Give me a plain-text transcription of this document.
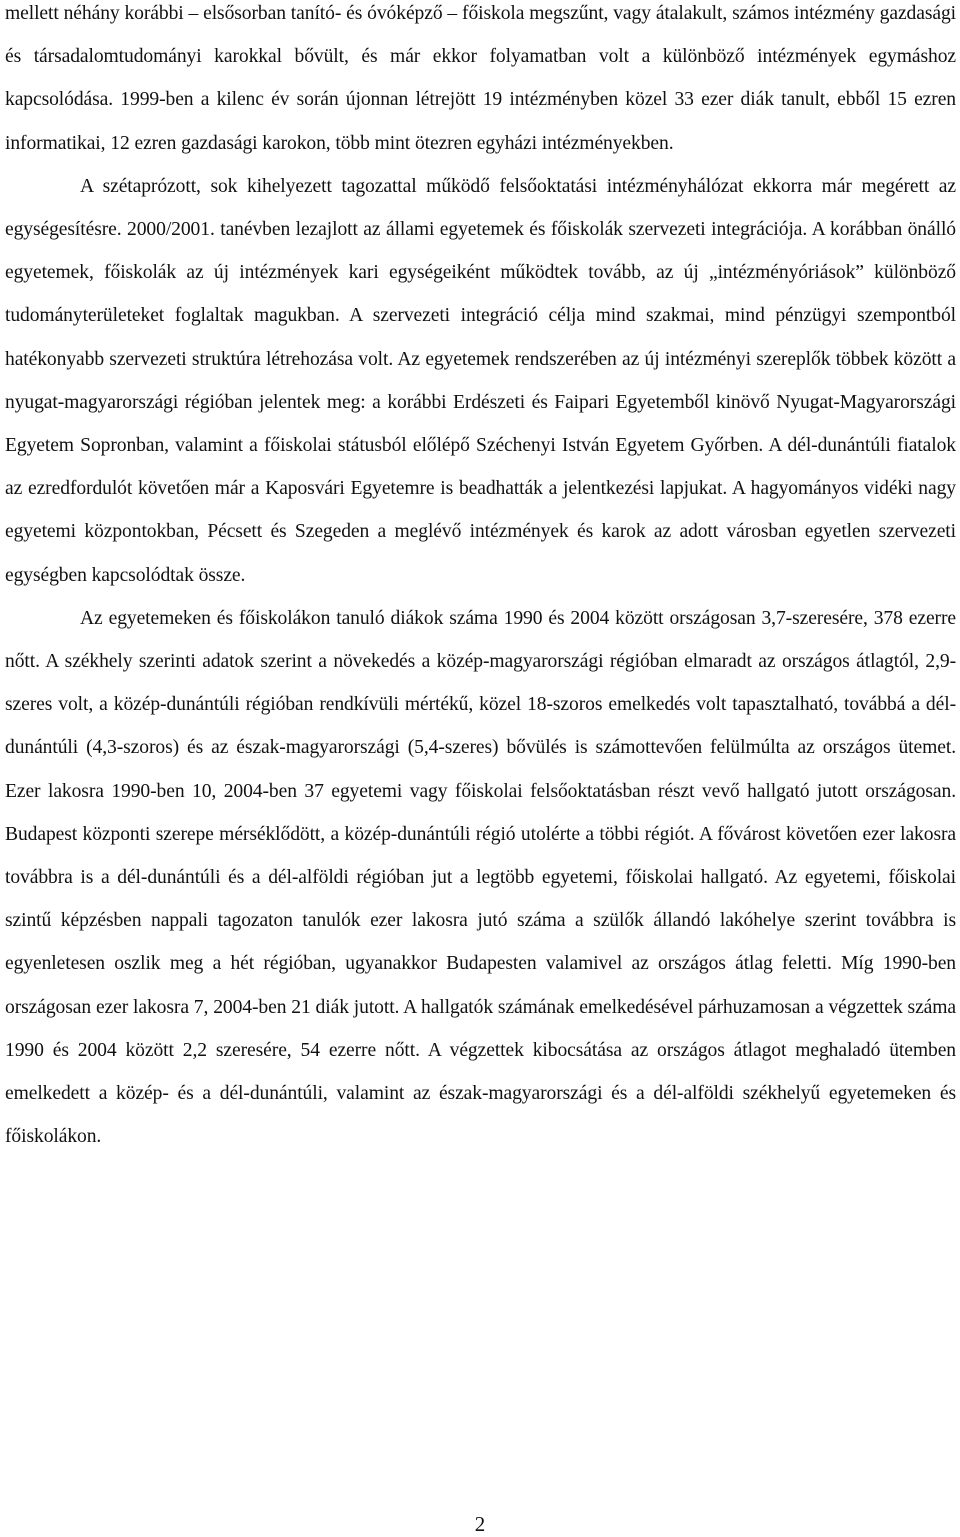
mellett néhány korábbi – elsősorban tanító- és óvóképző – főiskola megszűnt, vagy átalakult, számos intézmény gazdasági és társadalomtudományi karokkal bővült, és már ekkor folyamatban volt a különböző intézmények egymáshoz kapcsolódása. 1999-ben a kilenc év során újonnan létrejött 19 intézményben közel 33 ezer diák tanult, ebből 15 ezren informatikai, 12 ezren gazdasági karokon, több mint ötezren egyházi intézményekben.

A szétaprózott, sok kihelyezett tagozattal működő felsőoktatási intézményhálózat ekkorra már megérett az egységesítésre. 2000/2001. tanévben lezajlott az állami egyetemek és főiskolák szervezeti integrációja. A korábban önálló egyetemek, főiskolák az új intézmények kari egységeiként működtek tovább, az új „intézményóriások” különböző tudományterületeket foglaltak magukban. A szervezeti integráció célja mind szakmai, mind pénzügyi szempontból hatékonyabb szervezeti struktúra létrehozása volt. Az egyetemek rendszerében az új intézményi szereplők többek között a nyugat-magyarországi régióban jelentek meg: a korábbi Erdészeti és Faipari Egyetemből kinövő Nyugat-Magyarországi Egyetem Sopronban, valamint a főiskolai státusból előlépő Széchenyi István Egyetem Győrben. A dél-dunántúli fiatalok az ezredfordulót követően már a Kaposvári Egyetemre is beadhatták a jelentkezési lapjukat. A hagyományos vidéki nagy egyetemi központokban, Pécsett és Szegeden a meglévő intézmények és karok az adott városban egyetlen szervezeti egységben kapcsolódtak össze.

Az egyetemeken és főiskolákon tanuló diákok száma 1990 és 2004 között országosan 3,7-szeresére, 378 ezerre nőtt. A székhely szerinti adatok szerint a növekedés a közép-magyarországi régióban elmaradt az országos átlagtól, 2,9-szeres volt, a közép-dunántúli régióban rendkívüli mértékű, közel 18-szoros emelkedés volt tapasztalható, továbbá a dél-dunántúli (4,3-szoros) és az észak-magyarországi (5,4-szeres) bővülés is számottevően felülmúlta az országos ütemet. Ezer lakosra 1990-ben 10, 2004-ben 37 egyetemi vagy főiskolai felsőoktatásban részt vevő hallgató jutott országosan. Budapest központi szerepe mérséklődött, a közép-dunántúli régió utolérte a többi régiót. A fővárost követően ezer lakosra továbbra is a dél-dunántúli és a dél-alföldi régióban jut a legtöbb egyetemi, főiskolai hallgató. Az egyetemi, főiskolai szintű képzésben nappali tagozaton tanulók ezer lakosra jutó száma a szülők állandó lakóhelye szerint továbbra is egyenletesen oszlik meg a hét régióban, ugyanakkor Budapesten valamivel az országos átlag feletti. Míg 1990-ben országosan ezer lakosra 7, 2004-ben 21 diák jutott. A hallgatók számának emelkedésével párhuzamosan a végzettek száma 1990 és 2004 között 2,2 szeresére, 54 ezerre nőtt. A végzettek kibocsátása az országos átlagot meghaladó ütemben emelkedett a közép- és a dél-dunántúli, valamint az észak-magyarországi és a dél-alföldi székhelyű egyetemeken és főiskolákon.

2
